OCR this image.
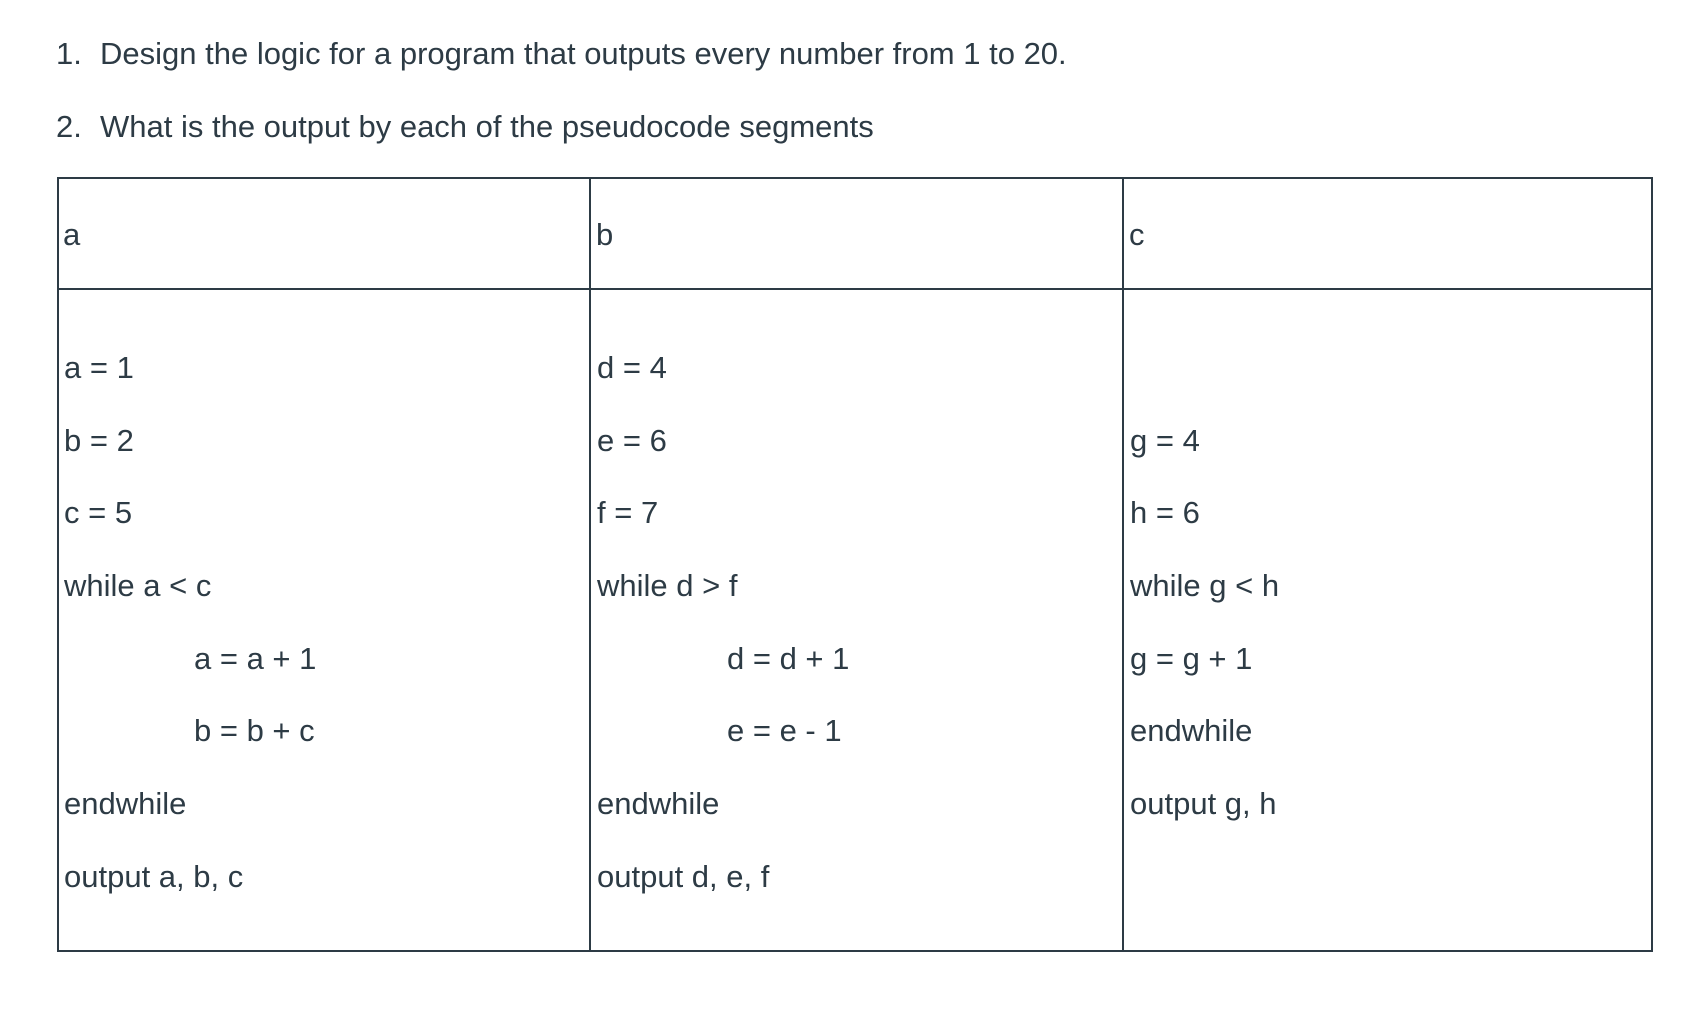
1. Design the logic for a program that outputs every number from 1 to 20.
2. What is the output by each of the pseudocode segments
a	b	c
a = 1
b = 2
c = 5
while a < c
a = a + 1
b = b + c
endwhile
output a, b, c
d = 4
e = 6
f = 7
while d > f
d = d + 1
e = e - 1
endwhile
output d, e, f
g = 4
h = 6
while g < h
g = g + 1
endwhile
output g, h
